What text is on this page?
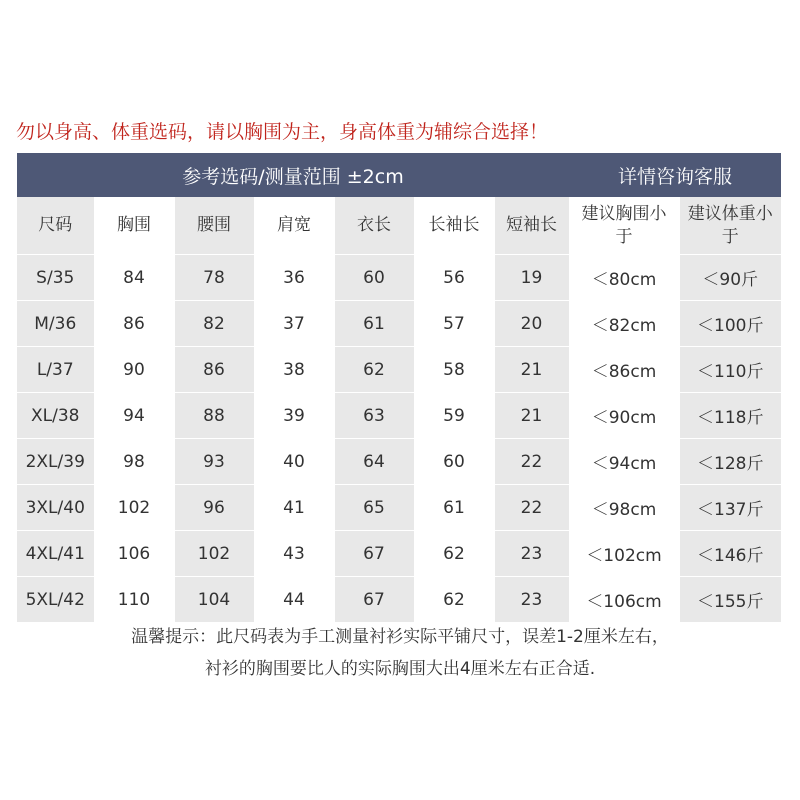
勿以身高、体重选码，请以胸围为主，身高体重为辅综合选择！
参考选码/测量范围 ±2cm	详情咨询客服
尺码	胸围	腰围	肩宽	衣长	长袖长	短袖长	建议胸围小于	建议体重小于
S/35	84	78	36	60	56	19	＜80cm	＜90斤
M/36	86	82	37	61	57	20	＜82cm	＜100斤
L/37	90	86	38	62	58	21	＜86cm	＜110斤
XL/38	94	88	39	63	59	21	＜90cm	＜118斤
2XL/39	98	93	40	64	60	22	＜94cm	＜128斤
3XL/40	102	96	41	65	61	22	＜98cm	＜137斤
4XL/41	106	102	43	67	62	23	＜102cm	＜146斤
5XL/42	110	104	44	67	62	23	＜106cm	＜155斤
温馨提示：此尺码表为手工测量衬衫实际平铺尺寸，误差1-2厘米左右，
衬衫的胸围要比人的实际胸围大出4厘米左右正合适.
